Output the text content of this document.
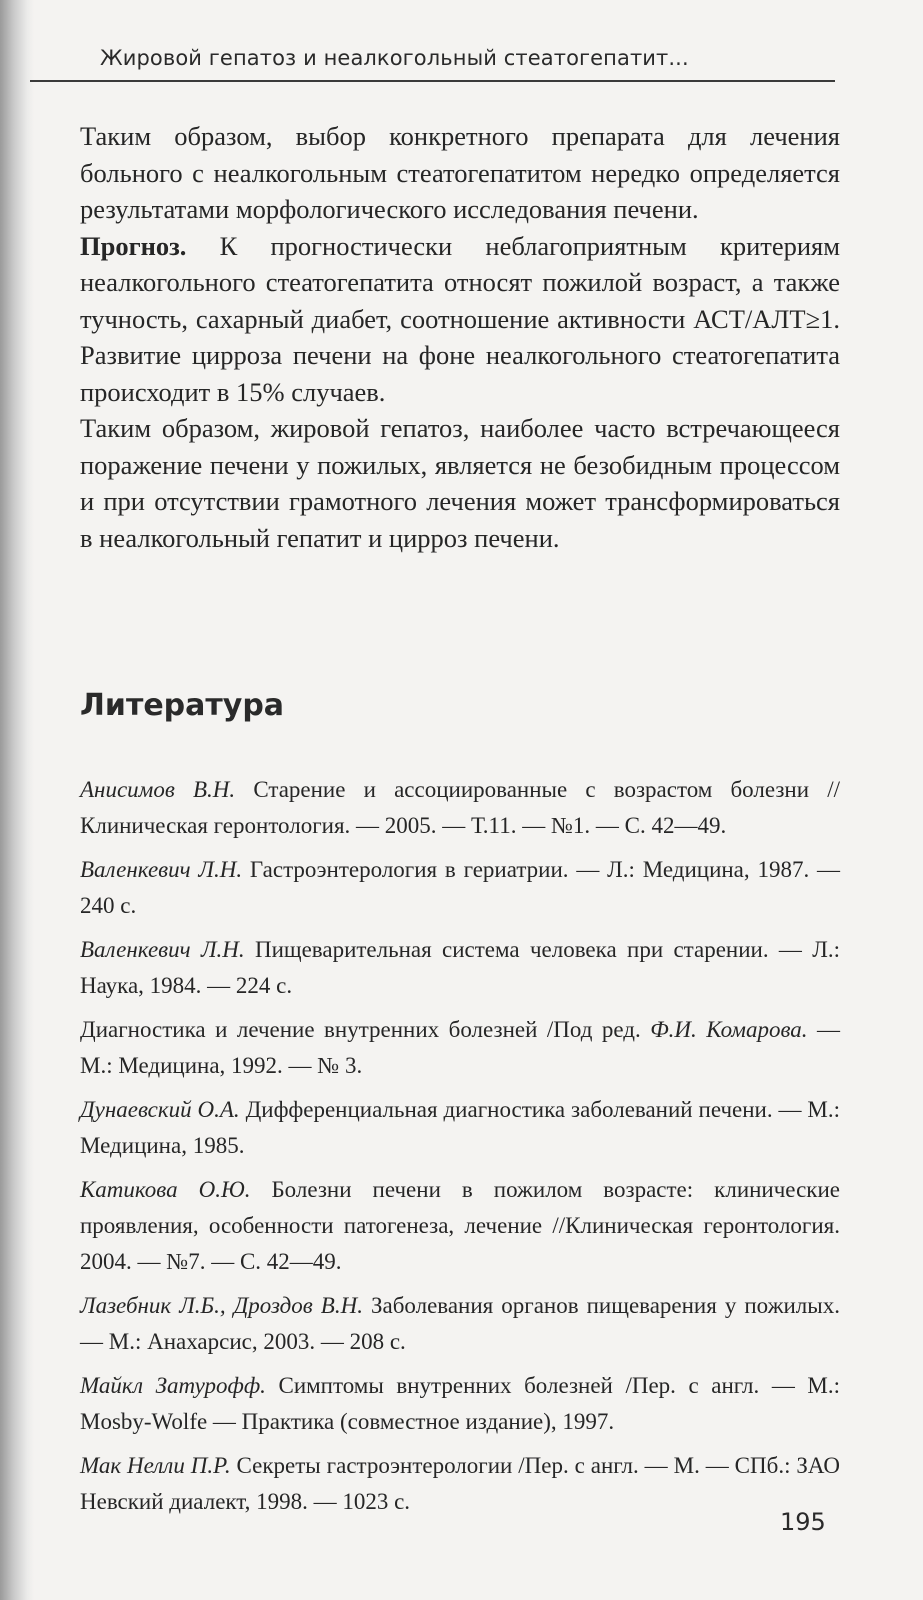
Жировой гепатоз и неалкогольный стеатогепатит...

Таким образом, выбор конкретного препарата для лечения больного с неалкогольным стеатогепатитом нередко определяется результатами морфологического исследования печени.

Прогноз. К прогностически неблагоприятным критериям неалкогольного стеатогепатита относят пожилой возраст, а также тучность, сахарный диабет, соотношение активности АСТ/АЛТ≥1. Развитие цирроза печени на фоне неалкогольного стеатогепатита происходит в 15% случаев.

Таким образом, жировой гепатоз, наиболее часто встречающееся поражение печени у пожилых, является не безобидным процессом и при отсутствии грамотного лечения может трансформироваться в неалкогольный гепатит и цирроз печени.

Литература

Анисимов В.Н. Старение и ассоциированные с возрастом болезни //Клиническая геронтология. — 2005. — Т.11. — №1. — С. 42—49.

Валенкевич Л.Н. Гастроэнтерология в гериатрии. — Л.: Медицина, 1987. — 240 с.

Валенкевич Л.Н. Пищеварительная система человека при старении. — Л.: Наука, 1984. — 224 с.

Диагностика и лечение внутренних болезней /Под ред. Ф.И. Комарова. — М.: Медицина, 1992. — № 3.

Дунаевский О.А. Дифференциальная диагностика заболеваний печени. — М.: Медицина, 1985.

Катикова О.Ю. Болезни печени в пожилом возрасте: клинические проявления, особенности патогенеза, лечение //Клиническая геронтология. 2004. — №7. — С. 42—49.

Лазебник Л.Б., Дроздов В.Н. Заболевания органов пищеварения у пожилых. — М.: Анахарсис, 2003. — 208 с.

Майкл Затурофф. Симптомы внутренних болезней /Пер. с англ. — М.: Mosby-Wolfe — Практика (совместное издание), 1997.

Мак Нелли П.Р. Секреты гастроэнтерологии /Пер. с англ. — М. — СПб.: ЗАО Невский диалект, 1998. — 1023 с.

195
